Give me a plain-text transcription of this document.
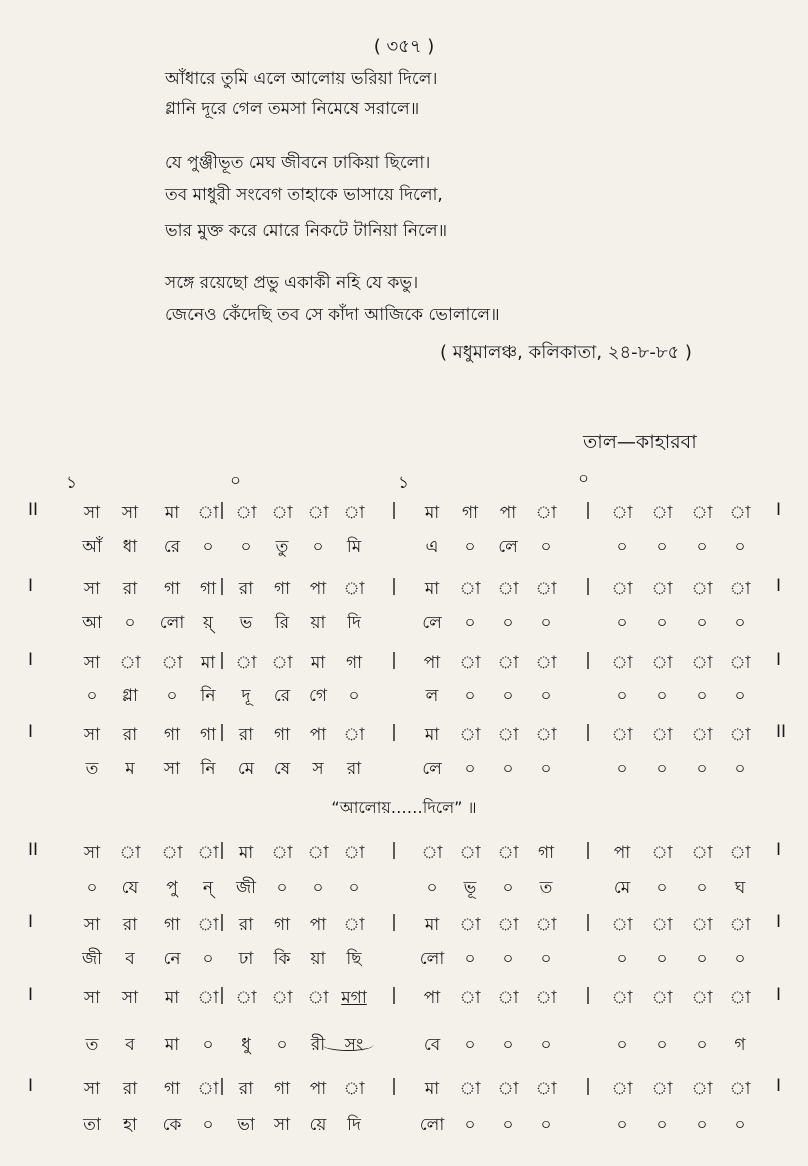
( ৩৫৭ )
আঁধারে তুমি এলে আলোয় ভরিয়া দিলে।
গ্লানি দূরে গেল তমসা নিমেষে সরালে॥
যে পুঞ্জীভূত মেঘ জীবনে ঢাকিয়া ছিলো।
তব মাধুরী সংবেগ তাহাকে ভাসায়ে দিলো,
ভার মুক্ত করে মোরে নিকটে টানিয়া নিলে॥
সঙ্গে রয়েছো প্রভু একাকী নহি যে কভু।
জেনেও কেঁদেছি তব সে কাঁদা আজিকে ভোলালে॥
( মধুমালঞ্চ, কলিকাতা, ২৪-৮-৮৫ )
তাল—কাহারবা
১	০	১	০
“আলোয়……দিলে” ॥
II	সা সা মা া | া া া া | মা গা পা া | া া া া I
আঁ ধা রে ০ ০ তু ০ মি	এ ০ লে ০	০ ০ ০ ০
I	সা রা গা গা | রা গা পা া | মা া া া | া া া া I
আ ০ লো য়্ ভ রি য়া দি	লে ০ ০ ০	০ ০ ০ ০
I	সা া া মা | া া মা গা | পা া া া | া া া া I
০ গ্লা ০ নি দূ রে গে ০	ল ০ ০ ০	০ ০ ০ ০
I	সা রা গা গা | রা গা পা া | মা া া া | া া া া II
ত ম সা নি মে ষে স রা	লে ০ ০ ০	০ ০ ০ ০
II	সা া া া | মা া া া | া া া গা | পা া া া I
০ যে পু ন্ জী ০ ০ ০	০ ভূ ০ ত	মে ০ ০ ঘ
I	সা রা গা া | রা গা পা া | মা া া া | া া া া I
জী ব নে ০ ঢা কি য়া ছি	লো ০ ০ ০	০ ০ ০ ০
I	সা সা মা া | া া া মগা | পা া া া | া া া া I
ত ব মা ০ ধু ০ রী সং	বে ০ ০ ০	০ ০ ০ গ
I	সা রা গা া | রা গা পা া | মা া া া | া া া া I
তা হা কে ০ ভা সা য়ে দি	লো ০ ০ ০	০ ০ ০ ০
